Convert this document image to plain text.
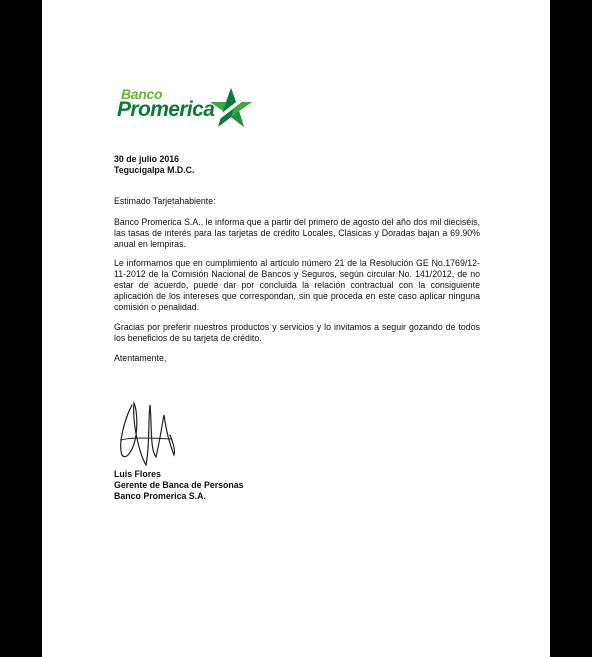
Banco
Promerica
30 de julio 2016
Tegucigalpa M.D.C.
Estimado Tarjetahabiente:
Banco Promerica S.A., le informa que a partir del primero de agosto del año dos mil dieciséis, las tasas de interés para las tarjetas de crédito Locales, Clásicas y Doradas bajan a 69.90% anual en lempiras.
Le informamos que en cumplimiento al artículo número 21 de la Resolución GE No.1769/12-11-2012 de la Comisión Nacional de Bancos y Seguros, según circular No. 141/2012, de no estar de acuerdo, puede dar por concluida la relación contractual con la consiguiente aplicación de los intereses que correspondan, sin que proceda en este caso aplicar ninguna comisión o penalidad.
Gracias por preferir nuestros productos y servicios y lo invitamos a seguir gozando de todos los beneficios de su tarjeta de crédito.
Atentamente,
Luis Flores
Gerente de Banca de Personas
Banco Promerica S.A.
